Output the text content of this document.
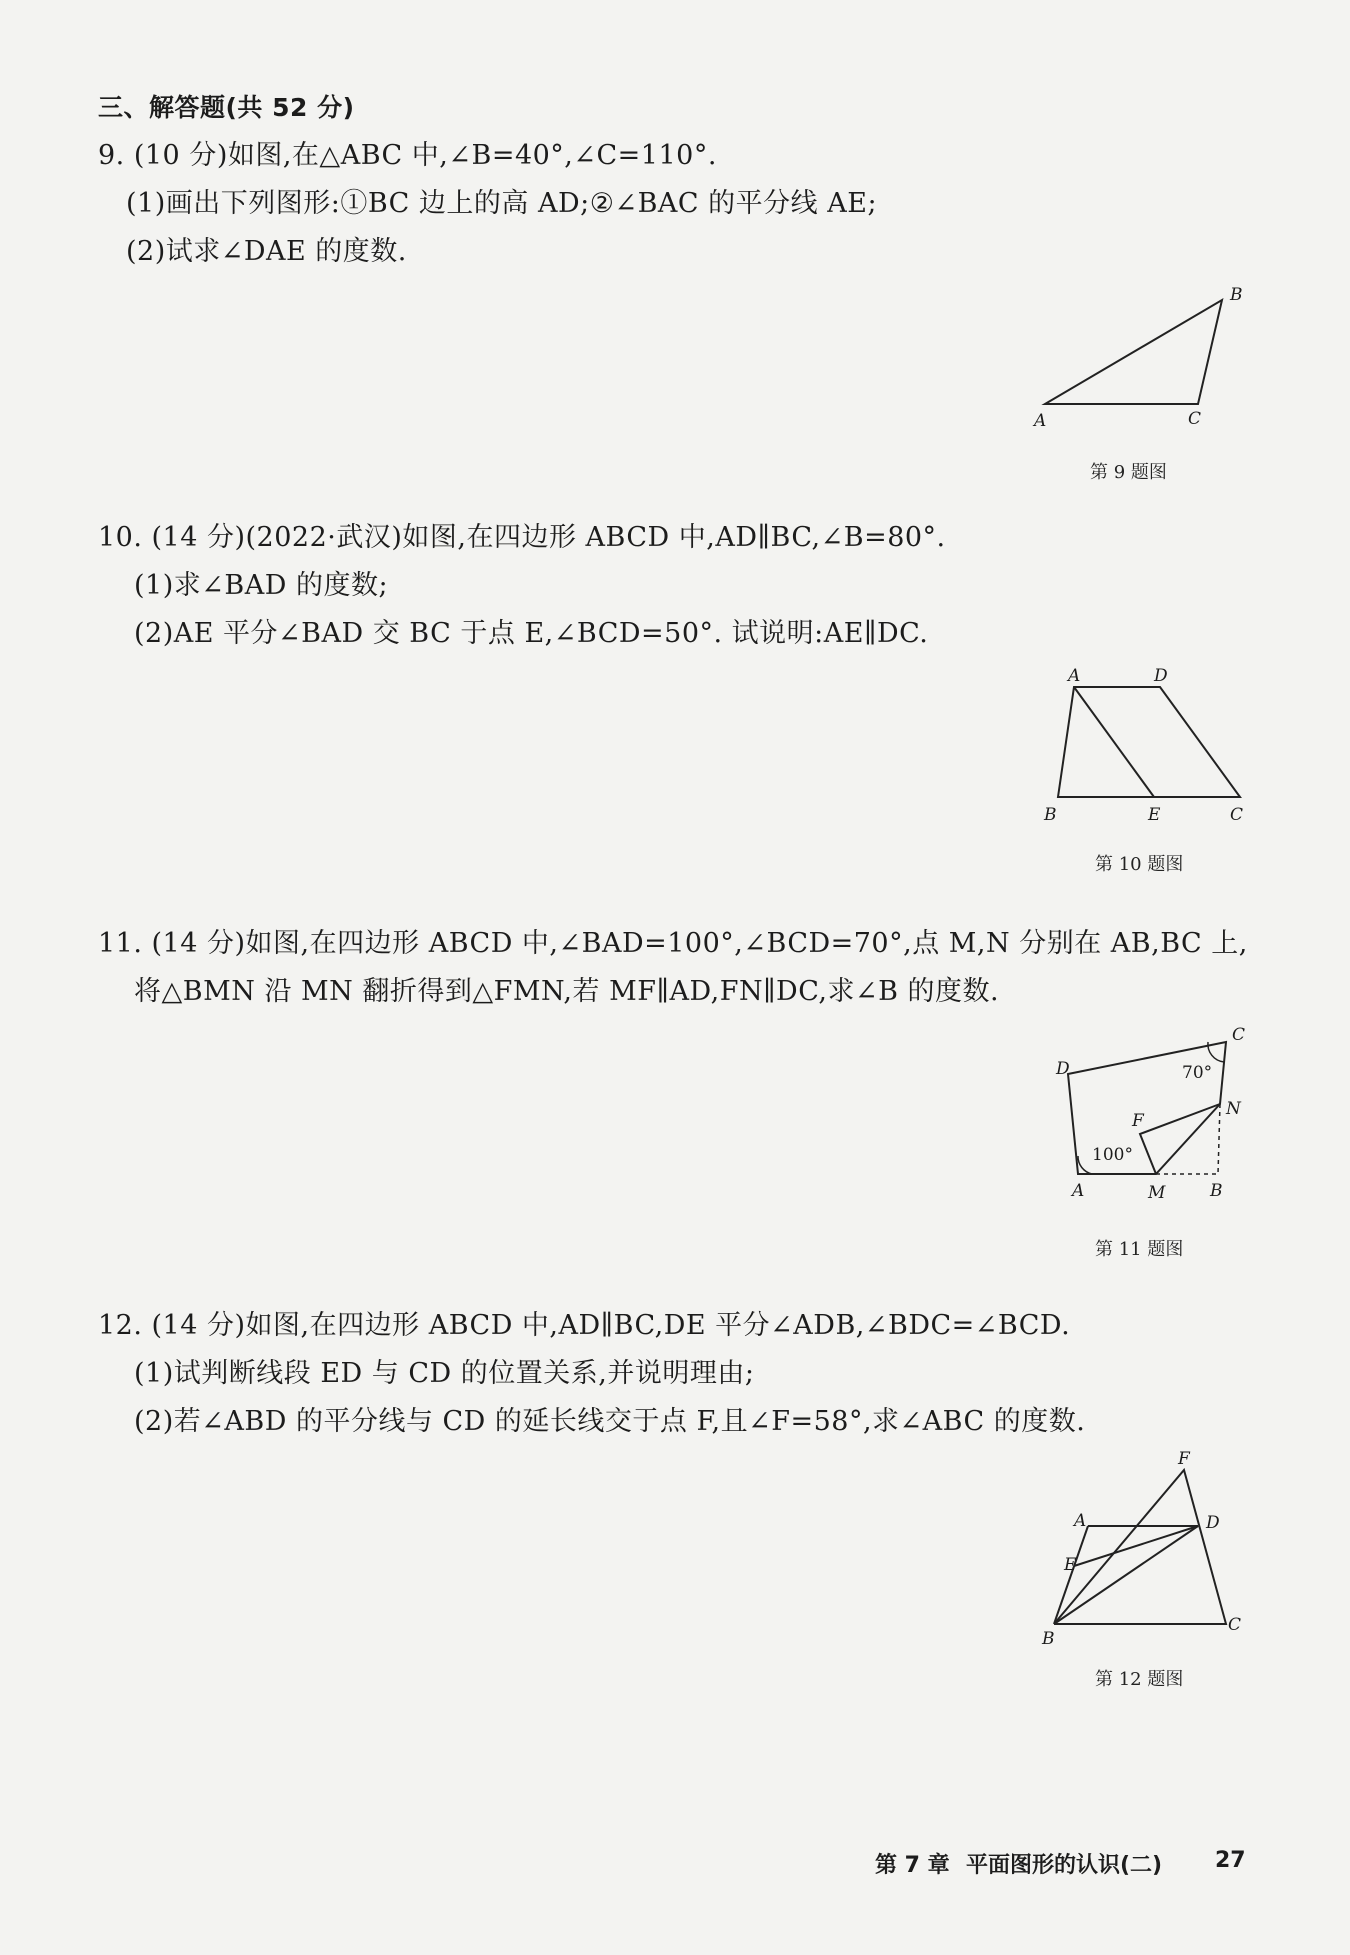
三、解答题(共 52 分)
9. (10 分)如图,在△ABC 中,∠B=40°,∠C=110°.
(1)画出下列图形:①BC 边上的高 AD;②∠BAC 的平分线 AE;
(2)试求∠DAE 的度数.
A
B
C
第 9 题图
10. (14 分)(2022·武汉)如图,在四边形 ABCD 中,AD∥BC,∠B=80°.
(1)求∠BAD 的度数;
(2)AE 平分∠BAD 交 BC 于点 E,∠BCD=50°. 试说明:AE∥DC.
A	D
B	E	C
第 10 题图
11. (14 分)如图,在四边形 ABCD 中,∠BAD=100°,∠BCD=70°,点 M,N 分别在 AB,BC 上,
将△BMN 沿 MN 翻折得到△FMN,若 MF∥AD,FN∥DC,求∠B 的度数.
C
D
F
N
A	M	B
70°
100°
第 11 题图
12. (14 分)如图,在四边形 ABCD 中,AD∥BC,DE 平分∠ADB,∠BDC=∠BCD.
(1)试判断线段 ED 与 CD 的位置关系,并说明理由;
(2)若∠ABD 的平分线与 CD 的延长线交于点 F,且∠F=58°,求∠ABC 的度数.
F
A	D
E
B
C
第 12 题图
第 7 章 平面图形的认识(二) 27
